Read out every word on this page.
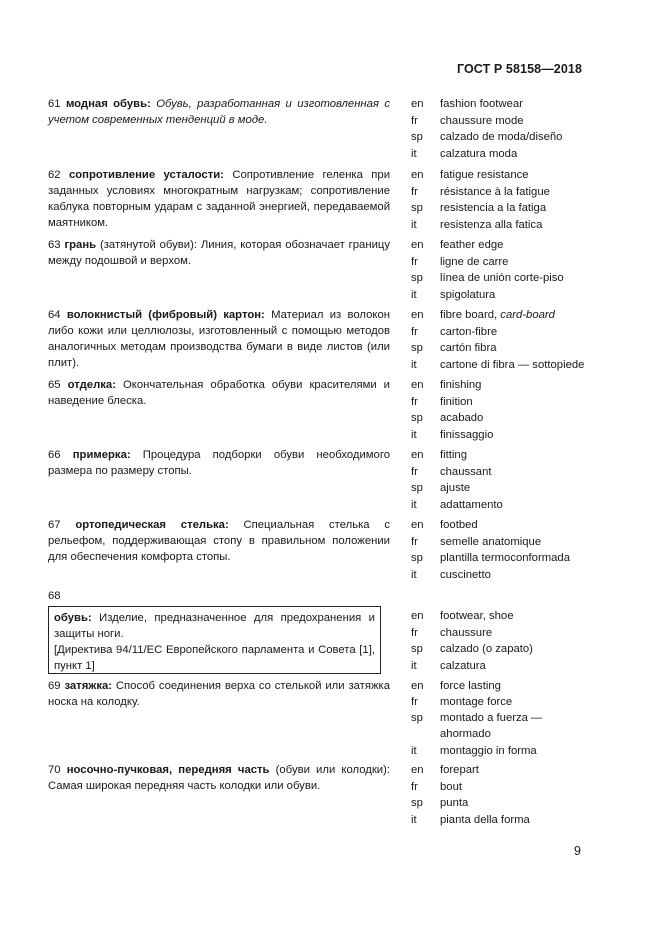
ГОСТ Р 58158—2018

61 модная обувь: Обувь, разработанная и изготовленная с учетом современных тенденций в моде.

en	fashion footwear
fr	chaussure mode
sp	calzado de moda/diseño
it	calzatura moda

62 сопротивление усталости: Сопротивление геленка при заданных условиях многократным нагрузкам; сопротивление каблука повторным ударам с заданной энергией, передаваемой маятником.

en	fatigue resistance
fr	résistance à la fatigue
sp	resistencia a la fatiga
it	resistenza alla fatica

63 грань (затянутой обуви): Линия, которая обозначает границу между подошвой и верхом.

en	feather edge
fr	ligne de carre
sp	línea de unión corte-piso
it	spigolatura

64 волокнистый (фибровый) картон: Материал из волокон либо кожи или целлюлозы, изготовленный с помощью методов аналогичных методам производства бумаги в виде листов (или плит).

en	fibre board, card-board
fr	carton-fibre
sp	cartón fibra
it	cartone di fibra — sottopiede

65 отделка: Окончательная обработка обуви красителями и наведение блеска.

en	finishing
fr	finition
sp	acabado
it	finissaggio

66 примерка: Процедура подборки обуви необходимого размера по размеру стопы.

en	fitting
fr	chaussant
sp	ajuste
it	adattamento

67 ортопедическая стелька: Специальная стелька с рельефом, поддерживающая стопу в правильном положении для обеспечения комфорта стопы.

en	footbed
fr	semelle anatomique
sp	plantilla termoconformada
it	cuscinetto
68

обувь: Изделие, предназначенное для предохранения и защиты ноги.

[Директива 94/11/ЕС Европейского парламента и Совета [1], пункт 1]

en	footwear, shoe
fr	chaussure
sp	calzado (o zapato)
it	calzatura

69 затяжка: Способ соединения верха со стелькой или затяжка носка на колодку.

en	force lasting
fr	montage force
sp	montado a fuerza — ahormado
it	montaggio in forma

70 носочно-пучковая, передняя часть (обуви или колодки): Самая широкая передняя часть колодки или обуви.

en	forepart
fr	bout
sp	punta
it	pianta della forma
9
